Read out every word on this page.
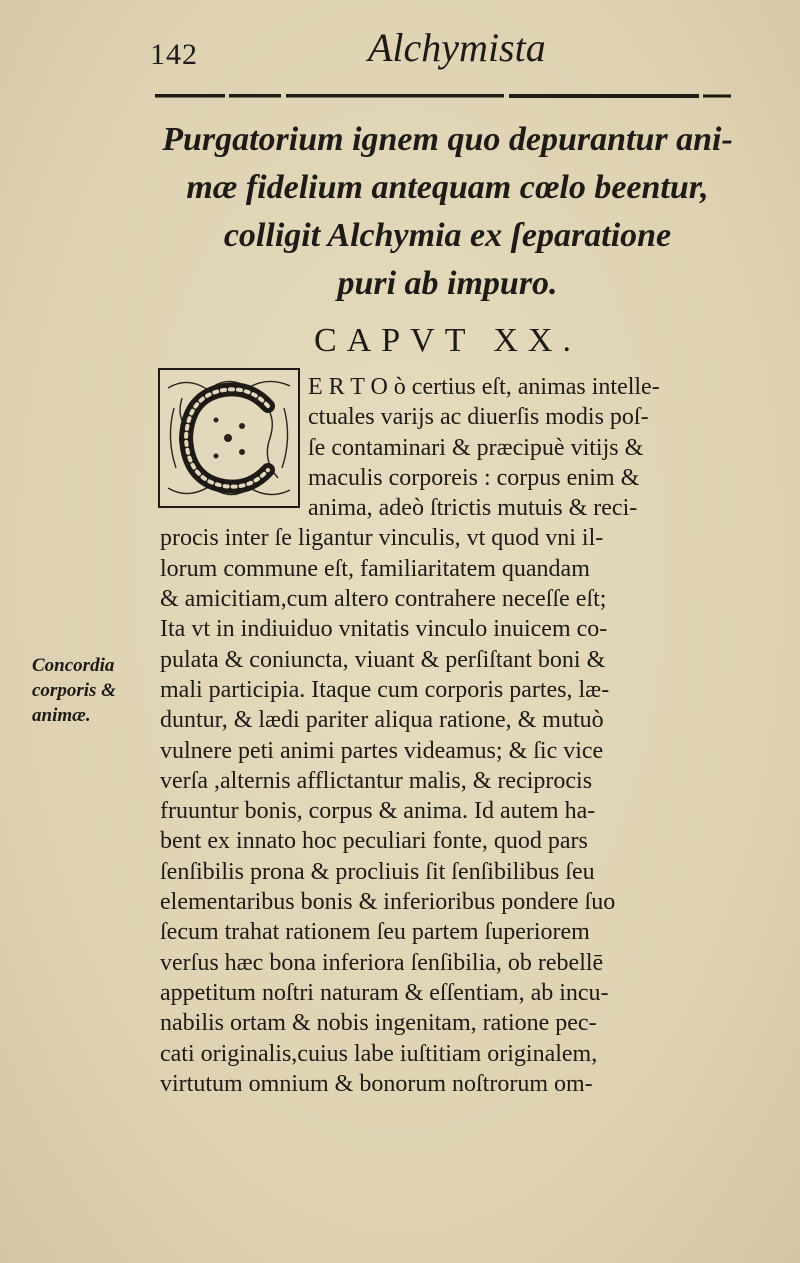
142	Alchymista
Purgatorium ignem quo depurantur ani-
mæ fidelium antequam cœlo beentur,
colligit Alchymia ex ſeparatione
puri ab impuro.
CAPVT XX.
E R T O ò certius eſt, animas intelle-
ctuales varijs ac diuerſis modis poſ-
ſe contaminari & præcipuè vitijs &
maculis corporeis : corpus enim &
anima, adeò ſtrictis mutuis & reci-
procis inter ſe ligantur vinculis, vt quod vni il-
lorum commune eſt, familiaritatem quandam
& amicitiam,cum altero contrahere neceſſe eſt;
Ita vt in indiuiduo vnitatis vinculo inuicem co-
pulata & coniuncta, viuant & perſiſtant boni &
mali participia. Itaque cum corporis partes, læ-
duntur, & lædi pariter aliqua ratione, & mutuò
vulnere peti animi partes videamus; & ſic vice
verſa ,alternis afflictantur malis, & reciprocis
fruuntur bonis, corpus & anima. Id autem ha-
bent ex innato hoc peculiari fonte, quod pars
ſenſibilis prona & procliuis ſit ſenſibilibus ſeu
elementaribus bonis & inferioribus pondere ſuo
ſecum trahat rationem ſeu partem ſuperiorem
verſus hæc bona inferiora ſenſibilia, ob rebellē
appetitum noſtri naturam & eſſentiam, ab incu-
nabilis ortam & nobis ingenitam, ratione pec-
cati originalis,cuius labe iuſtitiam originalem,
virtutum omnium & bonorum noſtrorum om-
Concordia
corporis &
animæ.
